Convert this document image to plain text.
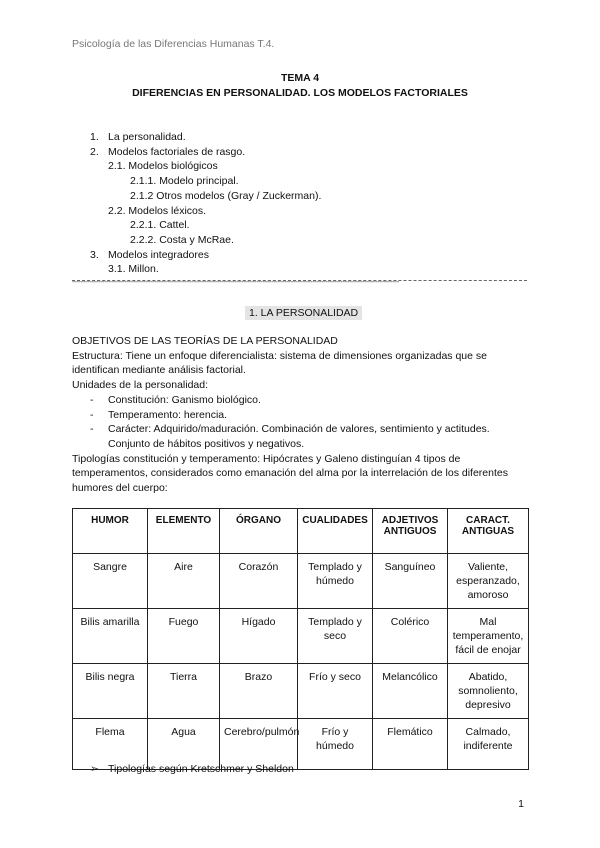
Psicología de las Diferencias Humanas T.4.
TEMA 4
DIFERENCIAS EN PERSONALIDAD. LOS MODELOS FACTORIALES
1. La personalidad.
2. Modelos factoriales de rasgo.
2.1. Modelos biológicos
2.1.1. Modelo principal.
2.1.2 Otros modelos (Gray / Zuckerman).
2.2. Modelos léxicos.
2.2.1. Cattel.
2.2.2. Costa y McRae.
3. Modelos integradores
3.1. Millon.
-------------------------------------------------------------------------------------------------------------------------------------------------------
1. LA PERSONALIDAD

OBJETIVOS DE LAS TEORÍAS DE LA PERSONALIDAD

Estructura: Tiene un enfoque diferencialista: sistema de dimensiones organizadas que se identifican mediante análisis factorial.

Unidades de la personalidad:

- Constitución: Ganismo biológico.
- Temperamento: herencia.
- Carácter: Adquirido/maduración. Combinación de valores, sentimiento y actitudes. Conjunto de hábitos positivos y negativos.

Tipologías constitución y temperamento: Hipócrates y Galeno distinguían 4 tipos de temperamentos, considerados como emanación del alma por la interrelación de los diferentes humores del cuerpo:

HUMOR	ELEMENTO	ÓRGANO	CUALIDADES	ADJETIVOS ANTIGUOS	CARACT. ANTIGUAS
Sangre	Aire	Corazón	Templado y húmedo	Sanguíneo	Valiente, esperanzado, amoroso
Bilis amarilla	Fuego	Hígado	Templado y seco	Colérico	Mal temperamento, fácil de enojar
Bilis negra	Tierra	Brazo	Frío y seco	Melancólico	Abatido, somnoliento, depresivo
Flema	Agua	Cerebro/pulmón	Frío y húmedo	Flemático	Calmado, indiferente
➢ Tipologías según Kretschmer y Sheldon
1
